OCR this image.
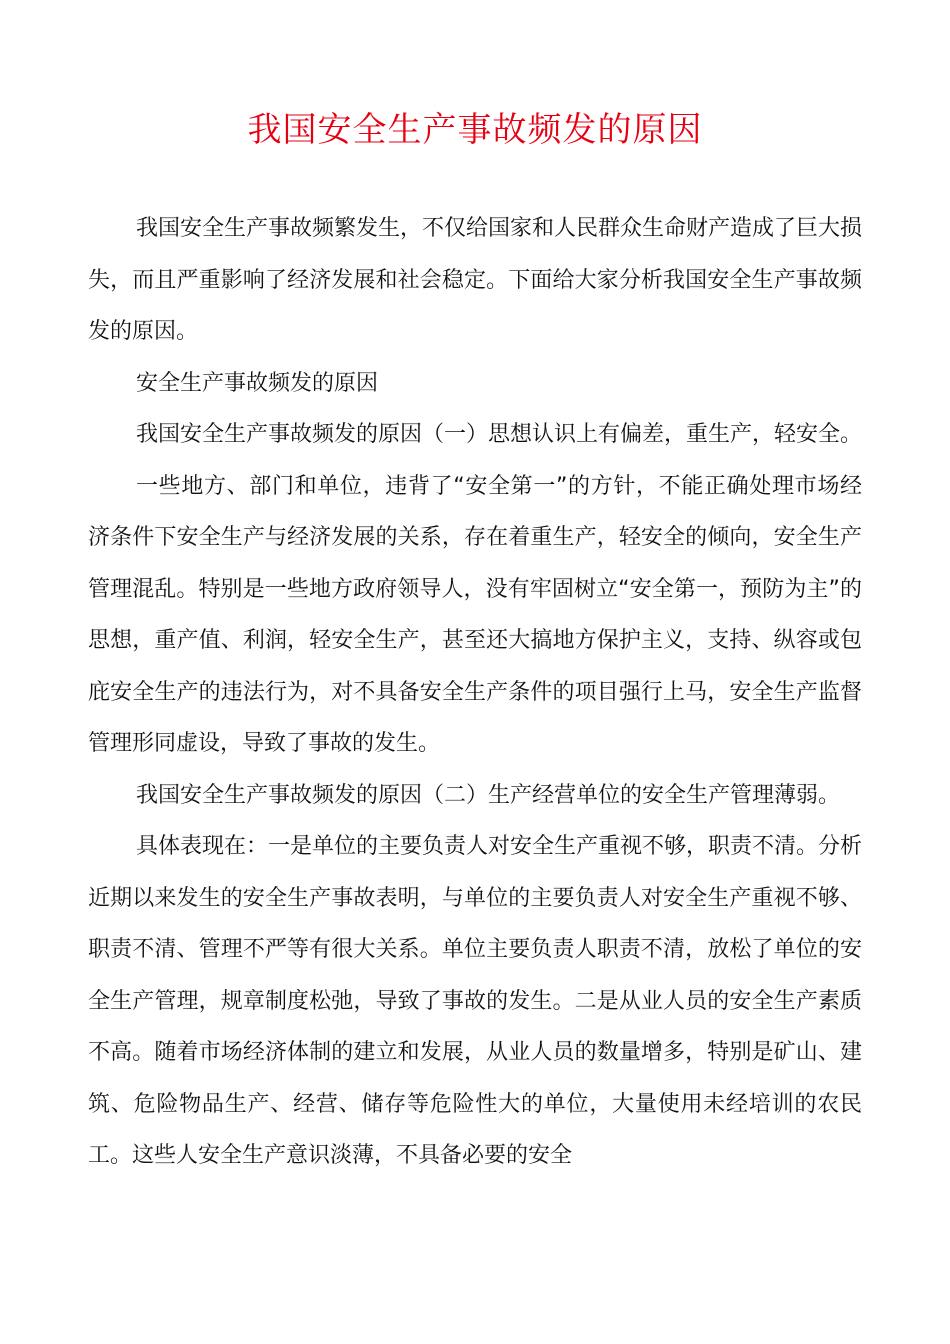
我国安全生产事故频发的原因

我国安全生产事故频繁发生，不仅给国家和人民群众生命财产造成了巨大损失，而且严重影响了经济发展和社会稳定。下面给大家分析我国安全生产事故频发的原因。

安全生产事故频发的原因

我国安全生产事故频发的原因（一）思想认识上有偏差，重生产，轻安全。

一些地方、部门和单位，违背了“安全第一”的方针，不能正确处理市场经济条件下安全生产与经济发展的关系，存在着重生产，轻安全的倾向，安全生产管理混乱。特别是一些地方政府领导人，没有牢固树立“安全第一，预防为主”的思想，重产值、利润，轻安全生产，甚至还大搞地方保护主义，支持、纵容或包庇安全生产的违法行为，对不具备安全生产条件的项目强行上马，安全生产监督管理形同虚设，导致了事故的发生。

我国安全生产事故频发的原因（二）生产经营单位的安全生产管理薄弱。

具体表现在：一是单位的主要负责人对安全生产重视不够，职责不清。分析近期以来发生的安全生产事故表明，与单位的主要负责人对安全生产重视不够、职责不清、管理不严等有很大关系。单位主要负责人职责不清，放松了单位的安全生产管理，规章制度松弛，导致了事故的发生。二是从业人员的安全生产素质不高。随着市场经济体制的建立和发展，从业人员的数量增多，特别是矿山、建筑、危险物品生产、经营、储存等危险性大的单位，大量使用未经培训的农民工。这些人安全生产意识淡薄，不具备必要的安全
